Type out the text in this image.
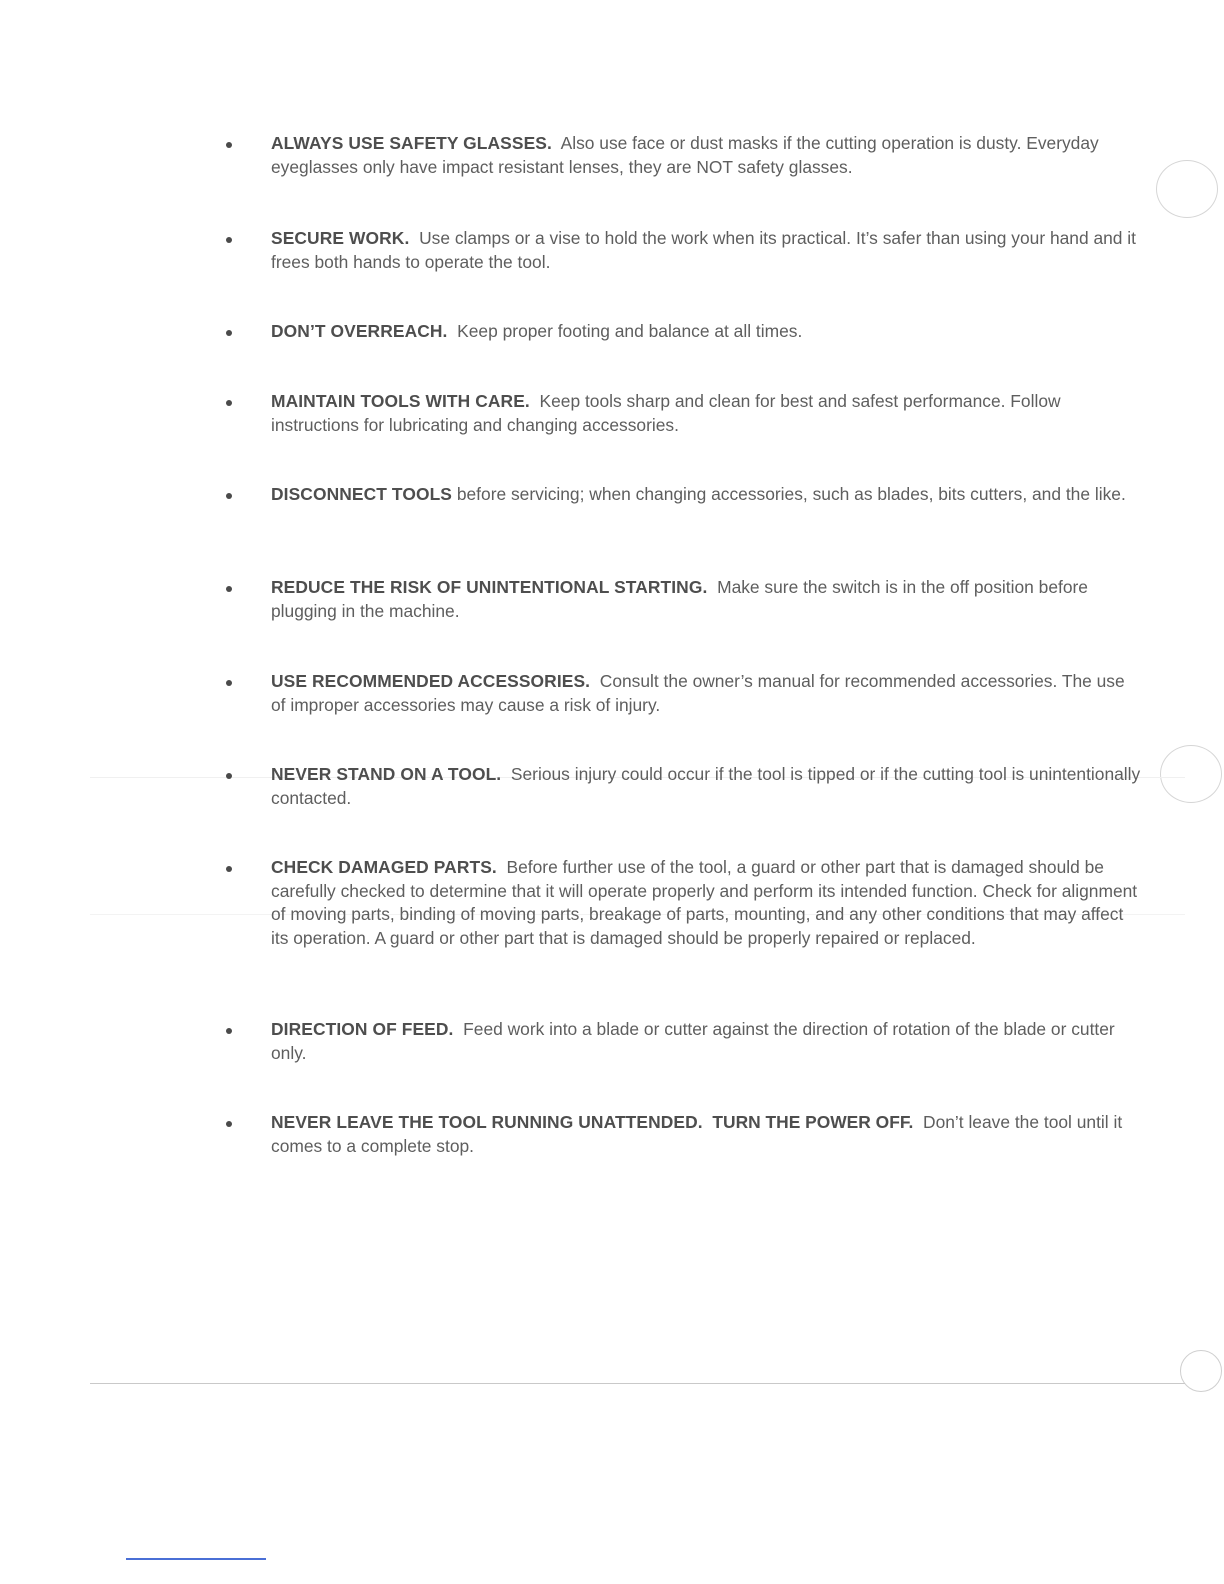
ALWAYS USE SAFETY GLASSES. Also use face or dust masks if the cutting operation is dusty. Everyday eyeglasses only have impact resistant lenses, they are NOT safety glasses.
SECURE WORK. Use clamps or a vise to hold the work when its practical. It’s safer than using your hand and it frees both hands to operate the tool.
DON’T OVERREACH. Keep proper footing and balance at all times.
MAINTAIN TOOLS WITH CARE. Keep tools sharp and clean for best and safest performance. Follow instructions for lubricating and changing accessories.
DISCONNECT TOOLS before servicing; when changing accessories, such as blades, bits cutters, and the like.
REDUCE THE RISK OF UNINTENTIONAL STARTING. Make sure the switch is in the off position before plugging in the machine.
USE RECOMMENDED ACCESSORIES. Consult the owner’s manual for recommended accessories. The use of improper accessories may cause a risk of injury.
NEVER STAND ON A TOOL. Serious injury could occur if the tool is tipped or if the cutting tool is unintentionally contacted.
CHECK DAMAGED PARTS. Before further use of the tool, a guard or other part that is damaged should be carefully checked to determine that it will operate properly and perform its intended function. Check for alignment of moving parts, binding of moving parts, breakage of parts, mounting, and any other conditions that may affect its operation. A guard or other part that is damaged should be properly repaired or replaced.
DIRECTION OF FEED. Feed work into a blade or cutter against the direction of rotation of the blade or cutter only.
NEVER LEAVE THE TOOL RUNNING UNATTENDED. TURN THE POWER OFF. Don’t leave the tool until it comes to a complete stop.
